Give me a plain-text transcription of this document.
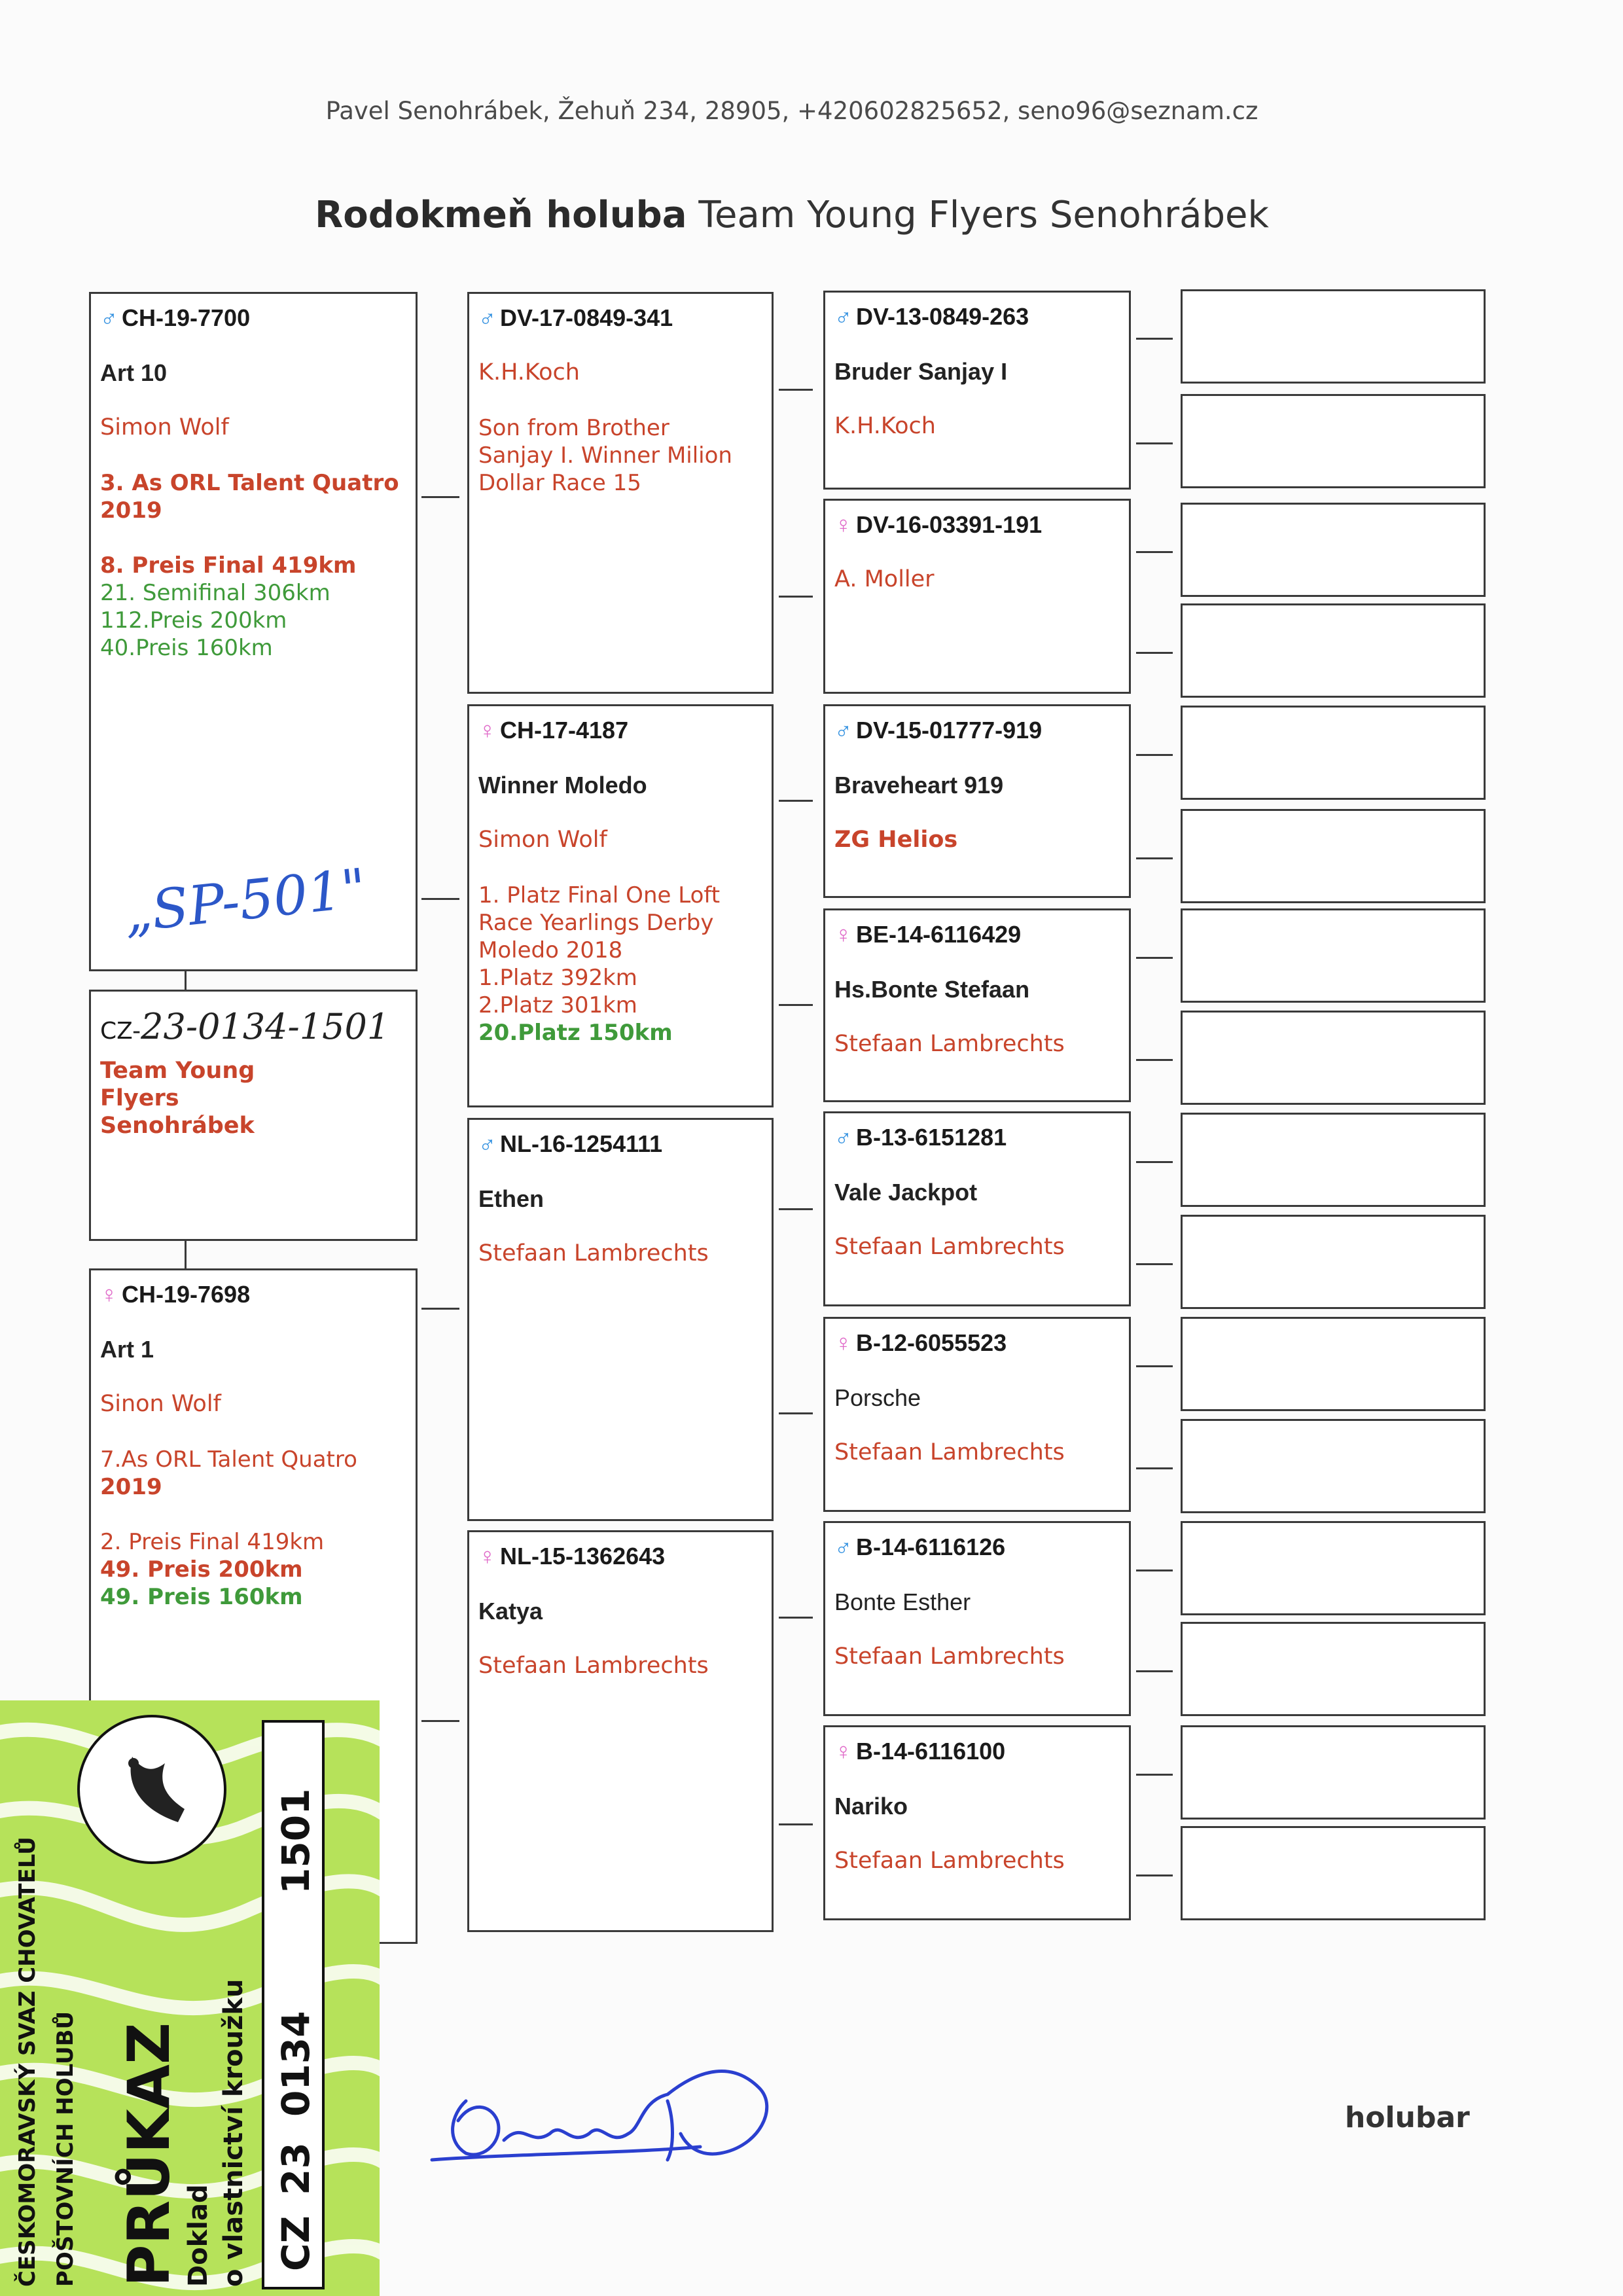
Pavel Senohrábek, Žehuň 234, 28905, +420602825652, seno96@seznam.cz
Rodokmeň holuba Team Young Flyers Senohrábek
♂ CH-19-7700
Art 10
Simon Wolf
3. As ORL Talent Quatro
2019
8. Preis Final 419km
21. Semifinal 306km
112.Preis 200km
40.Preis 160km
„SP-501"
CZ-23-0134-1501
Team Young Flyers Senohrábek
♀ CH-19-7698
Art 1
Sinon Wolf
7.As ORL Talent Quatro
2019
2. Preis Final 419km
49. Preis 200km
49. Preis 160km
♂ DV-17-0849-341
K.H.Koch
Son from Brother
Sanjay I. Winner Milion
Dollar Race 15
♀ CH-17-4187
Winner Moledo
Simon Wolf
1. Platz Final One Loft
Race Yearlings Derby
Moledo 2018
1.Platz 392km
2.Platz 301km
20.Platz 150km
♂ NL-16-1254111
Ethen
Stefaan Lambrechts
♀ NL-15-1362643
Katya
Stefaan Lambrechts
♂ DV-13-0849-263
Bruder Sanjay I
K.H.Koch
♀ DV-16-03391-191
A. Moller
♂ DV-15-01777-919
Braveheart 919
ZG Helios
♀ BE-14-6116429
Hs.Bonte Stefaan
Stefaan Lambrechts
♂ B-13-6151281
Vale Jackpot
Stefaan Lambrechts
♀ B-12-6055523
Porsche
Stefaan Lambrechts
♂ B-14-6116126
Bonte Esther
Stefaan Lambrechts
♀ B-14-6116100
Nariko
Stefaan Lambrechts
ČESKOMORAVSKÝ SVAZ CHOVATELŮ POŠTOVNÍCH HOLUBŮ PRŮKAZ Doklad o vlastnictví kroužku CZ
23
0134
1501
holubar
